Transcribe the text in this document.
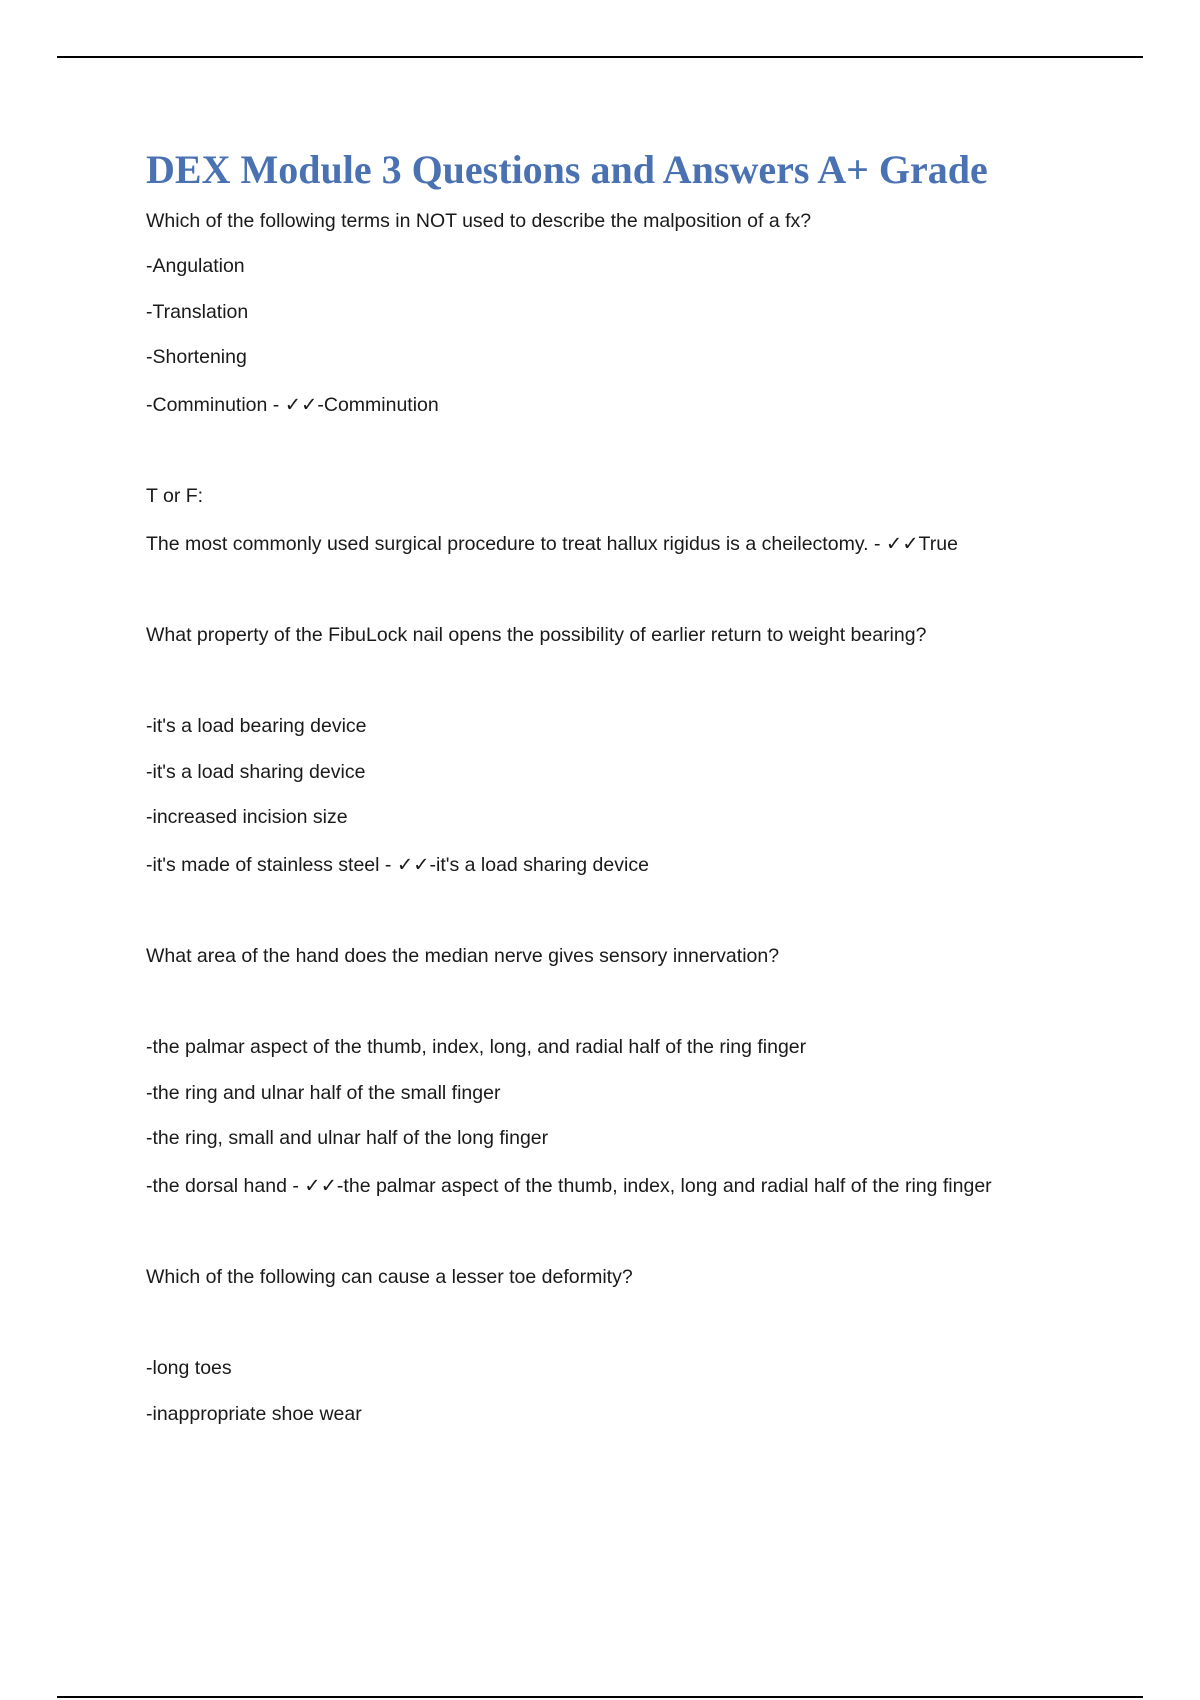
DEX Module 3 Questions and Answers A+ Grade

Which of the following terms in NOT used to describe the malposition of a fx?

-Angulation

-Translation

-Shortening

-Comminution - ✓✓-Comminution

T or F:

The most commonly used surgical procedure to treat hallux rigidus is a cheilectomy. - ✓✓True

What property of the FibuLock nail opens the possibility of earlier return to weight bearing?

-it's a load bearing device

-it's a load sharing device

-increased incision size

-it's made of stainless steel - ✓✓-it's a load sharing device

What area of the hand does the median nerve gives sensory innervation?

-the palmar aspect of the thumb, index, long, and radial half of the ring finger

-the ring and ulnar half of the small finger

-the ring, small and ulnar half of the long finger

-the dorsal hand - ✓✓-the palmar aspect of the thumb, index, long and radial half of the ring finger

Which of the following can cause a lesser toe deformity?

-long toes

-inappropriate shoe wear
